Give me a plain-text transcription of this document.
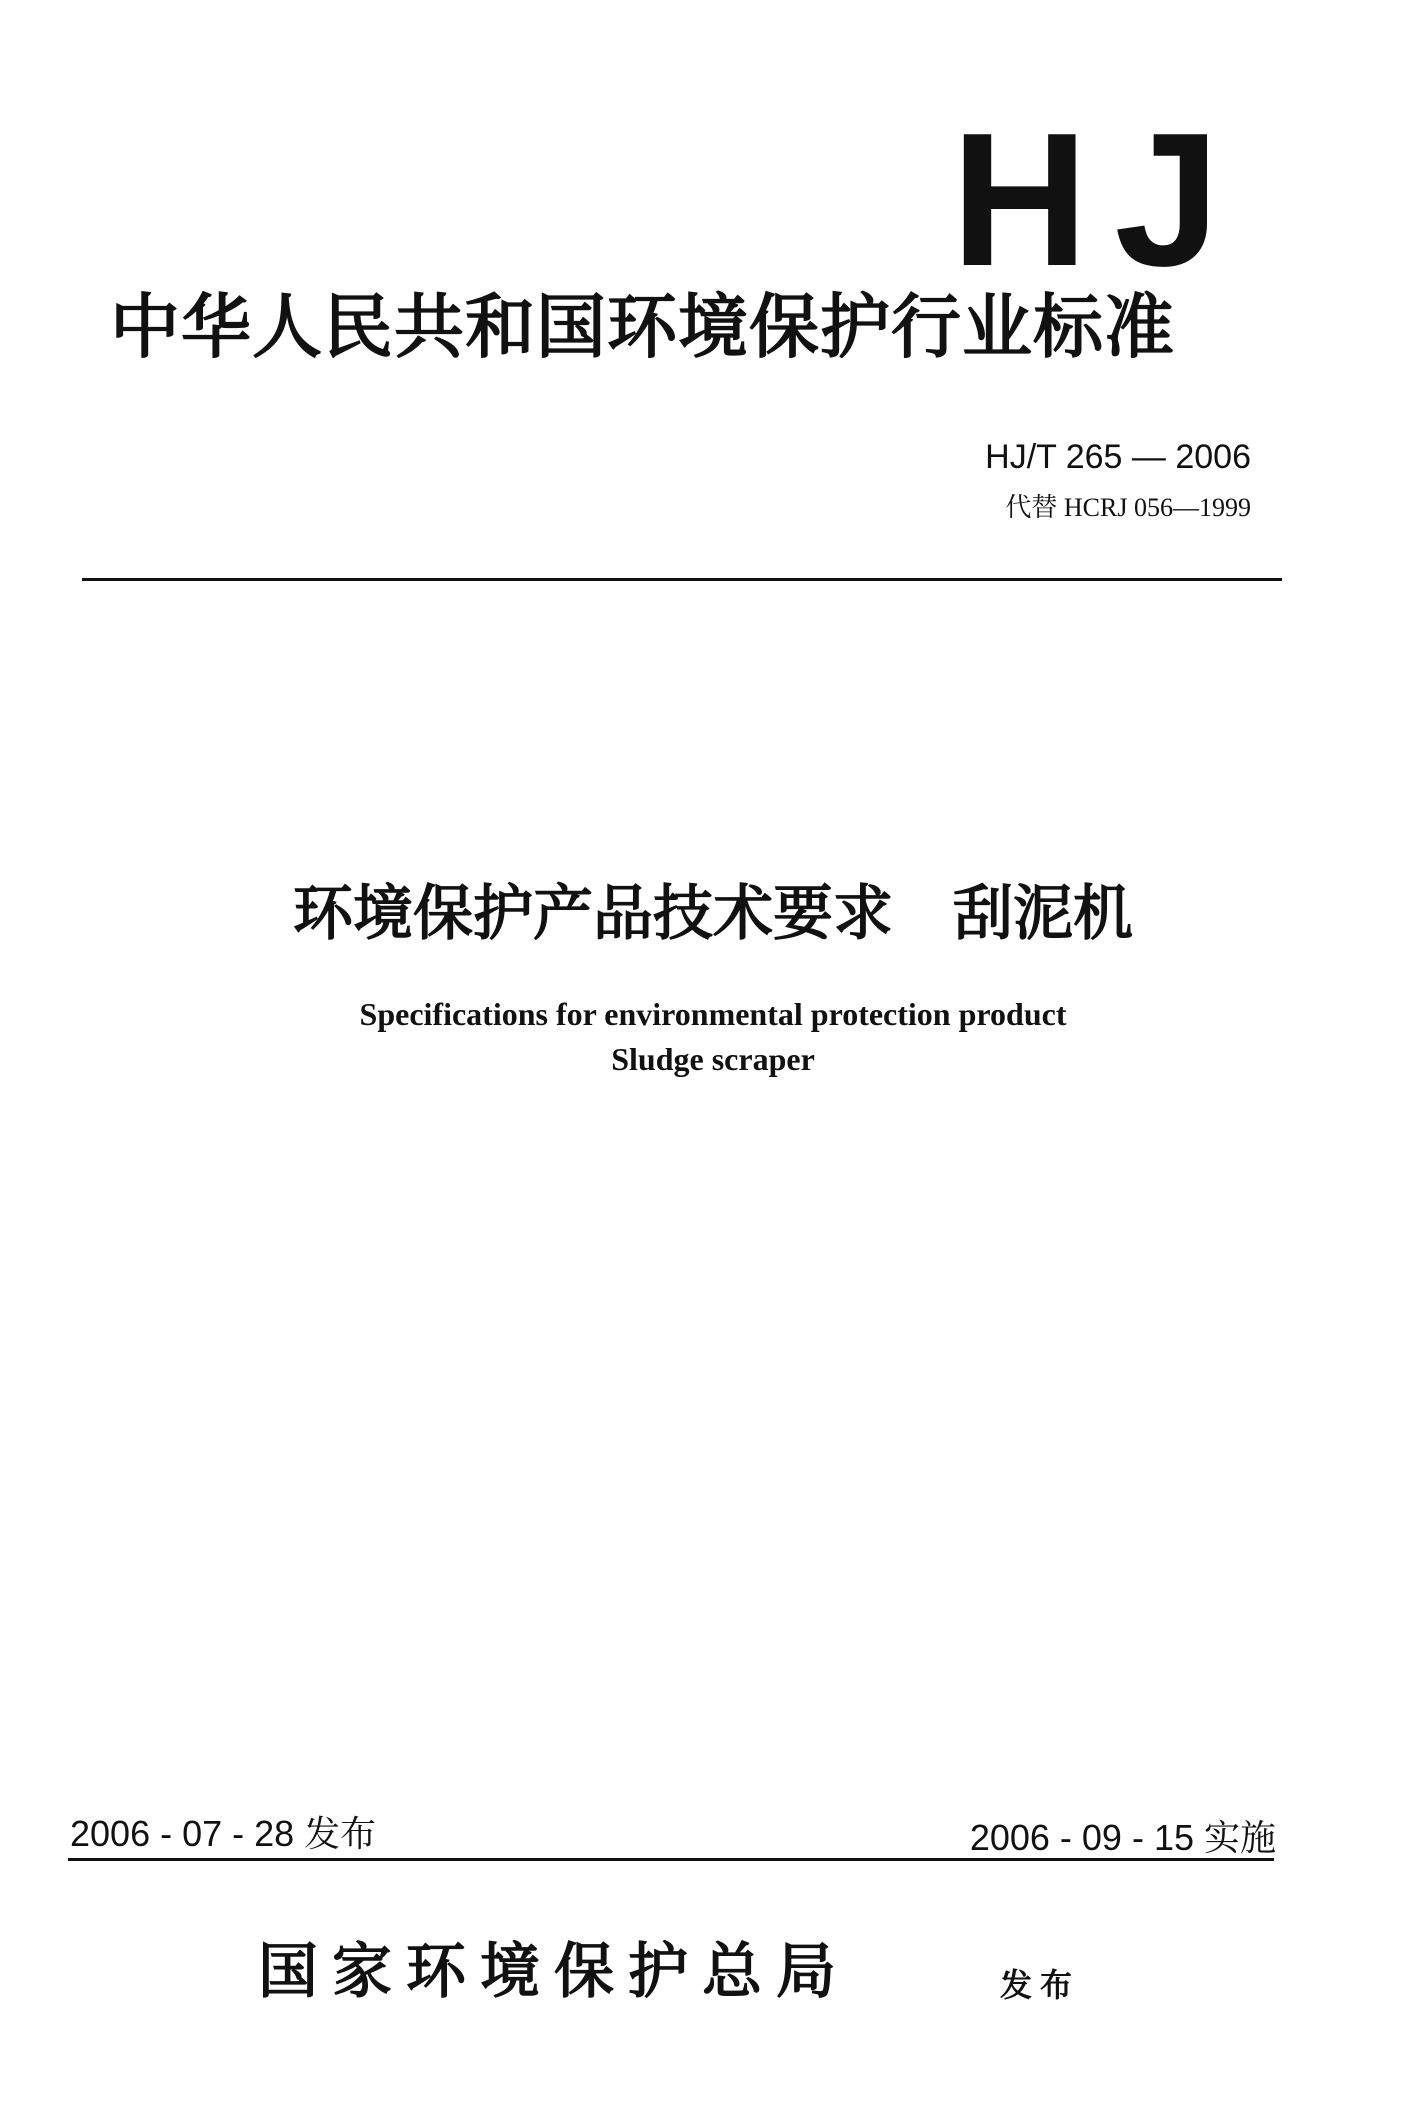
HJ
中华人民共和国环境保护行业标准
HJ/T 265 — 2006
代替 HCRJ 056—1999
环境保护产品技术要求　刮泥机
Specifications for environmental protection product
Sludge scraper
2006 - 07 - 28 发布	2006 - 09 - 15 实施
国家环境保护总局	发布
